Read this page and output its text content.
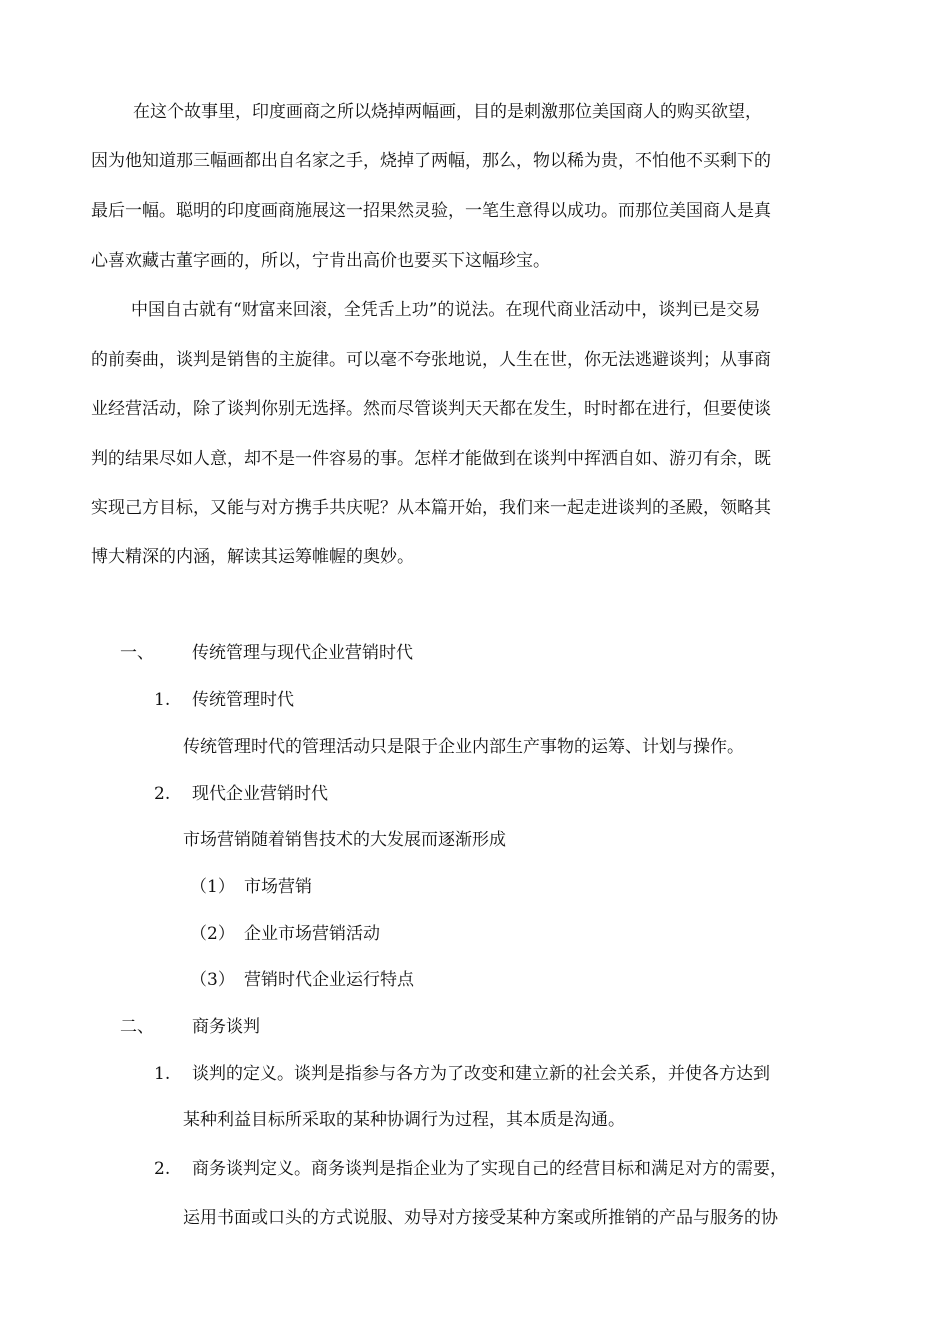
在这个故事里，印度画商之所以烧掉两幅画，目的是刺激那位美国商人的购买欲望，
因为他知道那三幅画都出自名家之手，烧掉了两幅，那么，物以稀为贵，不怕他不买剩下的
最后一幅。聪明的印度画商施展这一招果然灵验，一笔生意得以成功。而那位美国商人是真
心喜欢藏古董字画的，所以，宁肯出高价也要买下这幅珍宝。
中国自古就有“财富来回滚，全凭舌上功”的说法。在现代商业活动中，谈判已是交易
的前奏曲，谈判是销售的主旋律。可以毫不夸张地说，人生在世，你无法逃避谈判；从事商
业经营活动，除了谈判你别无选择。然而尽管谈判天天都在发生，时时都在进行，但要使谈
判的结果尽如人意，却不是一件容易的事。怎样才能做到在谈判中挥洒自如、游刃有余，既
实现己方目标，又能与对方携手共庆呢？从本篇开始，我们来一起走进谈判的圣殿，领略其
博大精深的内涵，解读其运筹帷幄的奥妙。
一、 传统管理与现代企业营销时代
1. 传统管理时代
传统管理时代的管理活动只是限于企业内部生产事物的运筹、计划与操作。
2. 现代企业营销时代
市场营销随着销售技术的大发展而逐渐形成
（1） 市场营销
（2） 企业市场营销活动
（3） 营销时代企业运行特点
二、 商务谈判
1. 谈判的定义。谈判是指参与各方为了改变和建立新的社会关系，并使各方达到
某种利益目标所采取的某种协调行为过程，其本质是沟通。
2. 商务谈判定义。商务谈判是指企业为了实现自己的经营目标和满足对方的需要，
运用书面或口头的方式说服、劝导对方接受某种方案或所推销的产品与服务的协
